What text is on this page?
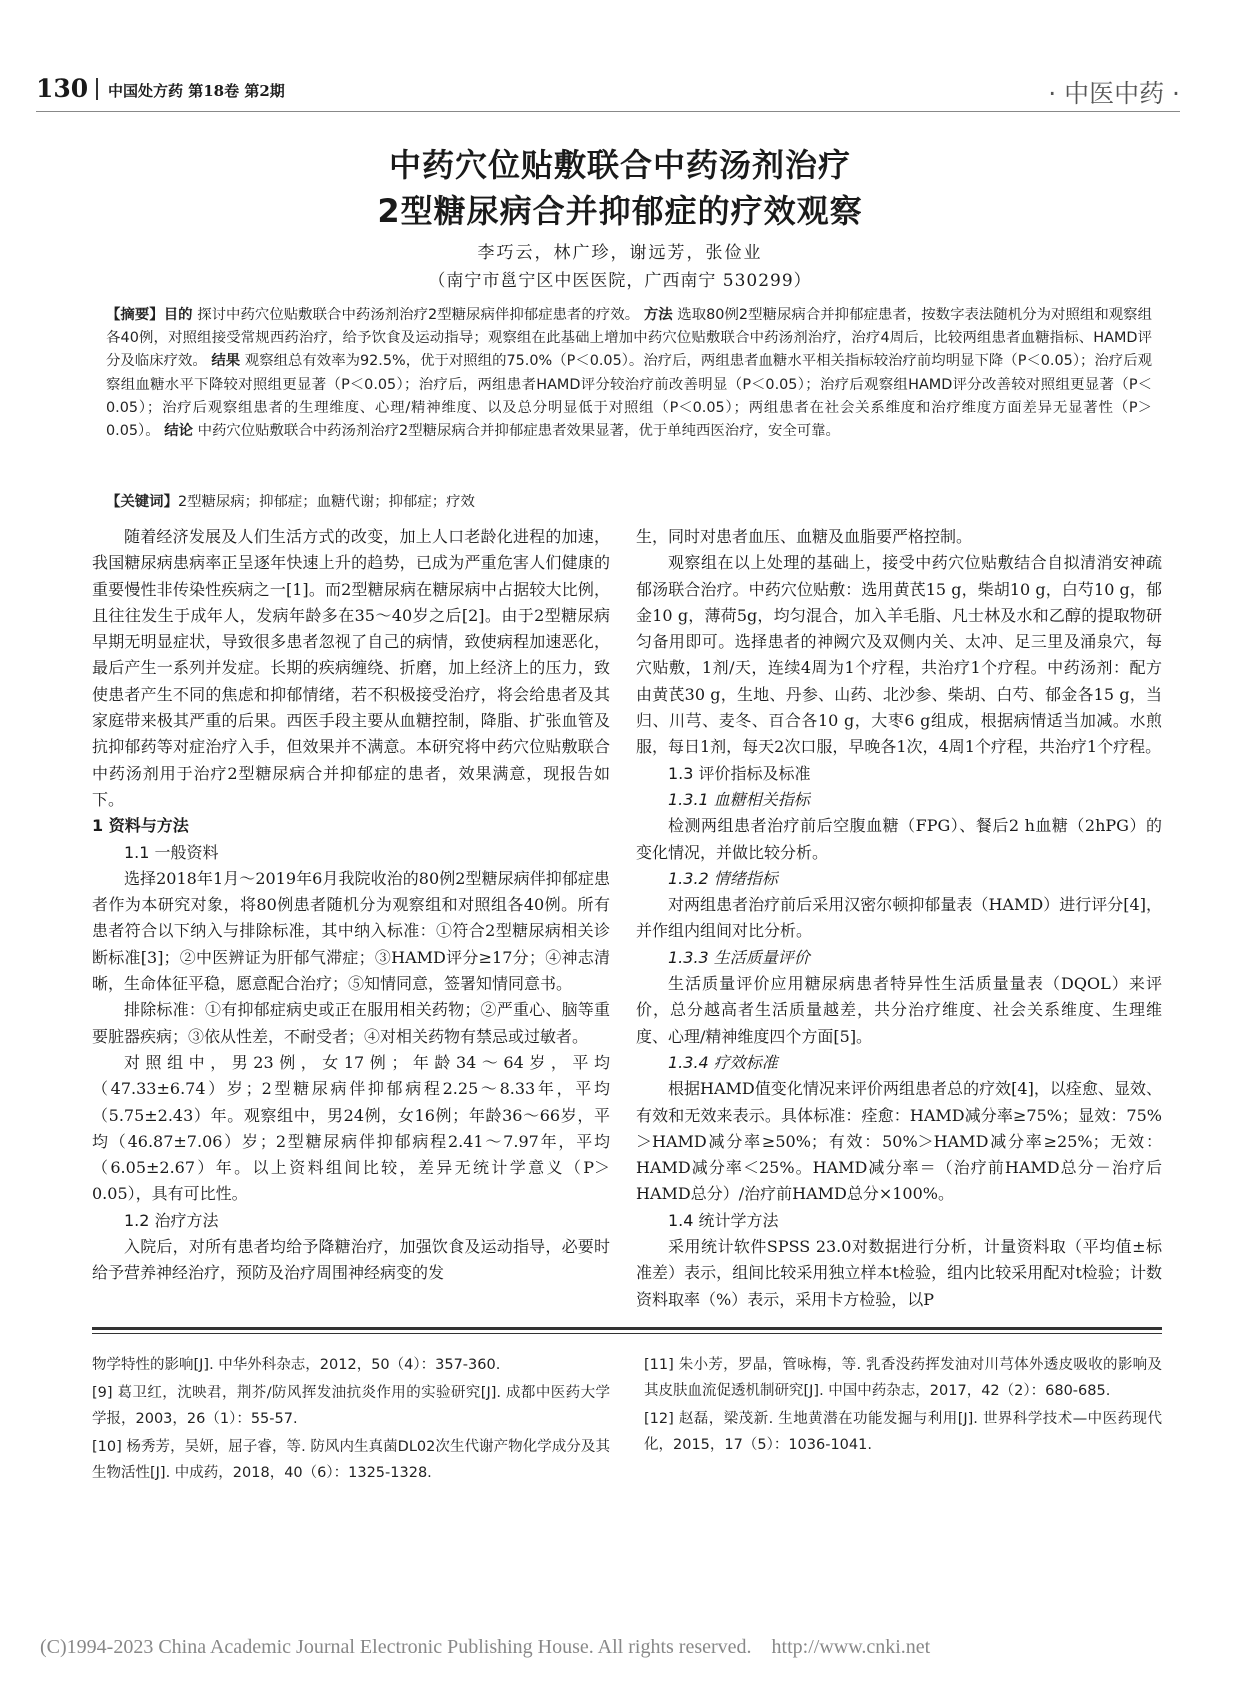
130 中国处方药 第18卷 第2期	· 中医中药 ·
中药穴位贴敷联合中药汤剂治疗
2型糖尿病合并抑郁症的疗效观察
李巧云，林广珍，谢远芳，张俭业
（南宁市邕宁区中医医院，广西南宁 530299）
【摘要】目的 探讨中药穴位贴敷联合中药汤剂治疗2型糖尿病伴抑郁症患者的疗效。 方法 选取80例2型糖尿病合并抑郁症患者，按数字表法随机分为对照组和观察组各40例，对照组接受常规西药治疗，给予饮食及运动指导；观察组在此基础上增加中药穴位贴敷联合中药汤剂治疗，治疗4周后，比较两组患者血糖指标、HAMD评分及临床疗效。 结果 观察组总有效率为92.5%，优于对照组的75.0%（P＜0.05）。治疗后，两组患者血糖水平相关指标较治疗前均明显下降（P＜0.05）；治疗后观察组血糖水平下降较对照组更显著（P＜0.05）；治疗后，两组患者HAMD评分较治疗前改善明显（P＜0.05）；治疗后观察组HAMD评分改善较对照组更显著（P＜0.05）；治疗后观察组患者的生理维度、心理/精神维度、以及总分明显低于对照组（P＜0.05）；两组患者在社会关系维度和治疗维度方面差异无显著性（P＞0.05）。 结论 中药穴位贴敷联合中药汤剂治疗2型糖尿病合并抑郁症患者效果显著，优于单纯西医治疗，安全可靠。
【关键词】2型糖尿病；抑郁症；血糖代谢；抑郁症；疗效

随着经济发展及人们生活方式的改变，加上人口老龄化进程的加速，我国糖尿病患病率正呈逐年快速上升的趋势，已成为严重危害人们健康的重要慢性非传染性疾病之一[1]。而2型糖尿病在糖尿病中占据较大比例，且往往发生于成年人，发病年龄多在35～40岁之后[2]。由于2型糖尿病早期无明显症状，导致很多患者忽视了自己的病情，致使病程加速恶化，最后产生一系列并发症。长期的疾病缠绕、折磨，加上经济上的压力，致使患者产生不同的焦虑和抑郁情绪，若不积极接受治疗，将会给患者及其家庭带来极其严重的后果。西医手段主要从血糖控制，降脂、扩张血管及抗抑郁药等对症治疗入手，但效果并不满意。本研究将中药穴位贴敷联合中药汤剂用于治疗2型糖尿病合并抑郁症的患者，效果满意，现报告如下。

1 资料与方法

1.1 一般资料

选择2018年1月～2019年6月我院收治的80例2型糖尿病伴抑郁症患者作为本研究对象，将80例患者随机分为观察组和对照组各40例。所有患者符合以下纳入与排除标准，其中纳入标准：①符合2型糖尿病相关诊断标准[3]；②中医辨证为肝郁气滞症；③HAMD评分≥17分；④神志清晰，生命体征平稳，愿意配合治疗；⑤知情同意，签署知情同意书。

排除标准：①有抑郁症病史或正在服用相关药物；②严重心、脑等重要脏器疾病；③依从性差，不耐受者；④对相关药物有禁忌或过敏者。

对照组中，男23例，女17例；年龄34～64岁，平均（47.33±6.74）岁；2型糖尿病伴抑郁病程2.25～8.33年，平均（5.75±2.43）年。观察组中，男24例，女16例；年龄36～66岁，平均（46.87±7.06）岁；2型糖尿病伴抑郁病程2.41～7.97年，平均（6.05±2.67）年。以上资料组间比较，差异无统计学意义（P＞0.05），具有可比性。

1.2 治疗方法

入院后，对所有患者均给予降糖治疗，加强饮食及运动指导，必要时给予营养神经治疗，预防及治疗周围神经病变的发

生，同时对患者血压、血糖及血脂要严格控制。

观察组在以上处理的基础上，接受中药穴位贴敷结合自拟清消安神疏郁汤联合治疗。中药穴位贴敷：选用黄芪15 g，柴胡10 g，白芍10 g，郁金10 g，薄荷5g，均匀混合，加入羊毛脂、凡士林及水和乙醇的提取物研匀备用即可。选择患者的神阙穴及双侧内关、太冲、足三里及涌泉穴，每穴贴敷，1剂/天，连续4周为1个疗程，共治疗1个疗程。中药汤剂：配方由黄芪30 g，生地、丹参、山药、北沙参、柴胡、白芍、郁金各15 g，当归、川芎、麦冬、百合各10 g，大枣6 g组成，根据病情适当加减。水煎服，每日1剂，每天2次口服，早晚各1次，4周1个疗程，共治疗1个疗程。

1.3 评价指标及标准

1.3.1 血糖相关指标

检测两组患者治疗前后空腹血糖（FPG）、餐后2 h血糖（2hPG）的变化情况，并做比较分析。

1.3.2 情绪指标

对两组患者治疗前后采用汉密尔顿抑郁量表（HAMD）进行评分[4]，并作组内组间对比分析。

1.3.3 生活质量评价

生活质量评价应用糖尿病患者特异性生活质量量表（DQOL）来评价，总分越高者生活质量越差，共分治疗维度、社会关系维度、生理维度、心理/精神维度四个方面[5]。

1.3.4 疗效标准

根据HAMD值变化情况来评价两组患者总的疗效[4]，以痊愈、显效、有效和无效来表示。具体标准：痊愈：HAMD减分率≥75%；显效：75%＞HAMD减分率≥50%；有效：50%＞HAMD减分率≥25%；无效：HAMD减分率＜25%。HAMD减分率＝（治疗前HAMD总分－治疗后HAMD总分）/治疗前HAMD总分×100%。

1.4 统计学方法

采用统计软件SPSS 23.0对数据进行分析，计量资料取（平均值±标准差）表示，组间比较采用独立样本t检验，组内比较采用配对t检验；计数资料取率（%）表示，采用卡方检验，以P

物学特性的影响[J]. 中华外科杂志，2012，50（4）：357-360.

[9] 葛卫红，沈映君，荆芥/防风挥发油抗炎作用的实验研究[J]. 成都中医药大学学报，2003，26（1）：55-57.

[10] 杨秀芳，吴妍，屈子睿，等. 防风内生真菌DL02次生代谢产物化学成分及其生物活性[J]. 中成药，2018，40（6）：1325-1328.

[11] 朱小芳，罗晶，管咏梅，等. 乳香没药挥发油对川芎体外透皮吸收的影响及其皮肤血流促透机制研究[J]. 中国中药杂志，2017，42（2）：680-685.

[12] 赵磊，梁茂新. 生地黄潜在功能发掘与利用[J]. 世界科学技术—中医药现代化，2015，17（5）：1036-1041.

(C)1994-2023 China Academic Journal Electronic Publishing House. All rights reserved.    http://www.cnki.net
